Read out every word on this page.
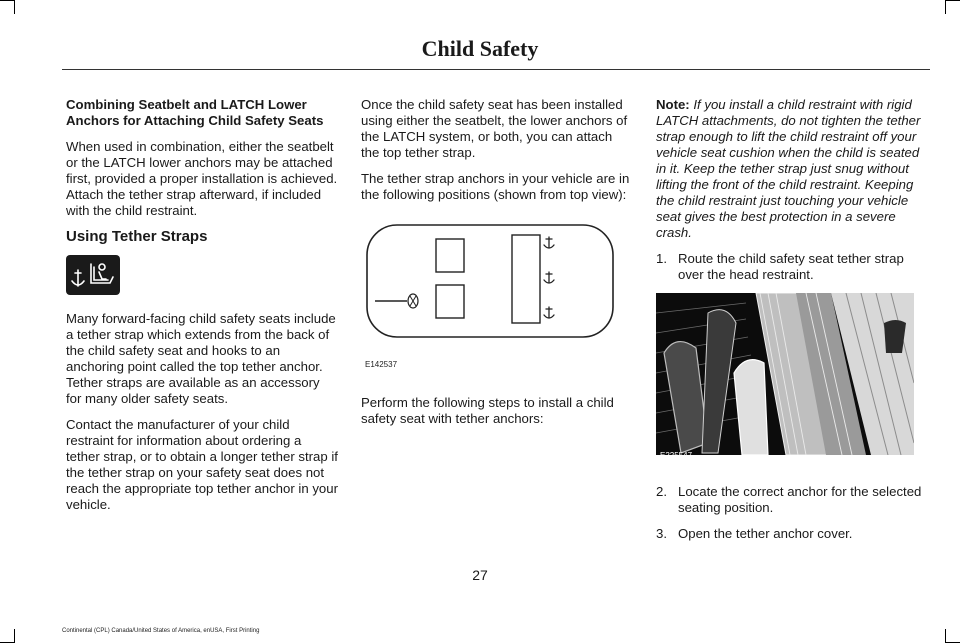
Child Safety

Combining Seatbelt and LATCH Lower Anchors for Attaching Child Safety Seats

When used in combination, either the seatbelt or the LATCH lower anchors may be attached first, provided a proper installation is achieved. Attach the tether strap afterward, if included with the child restraint.

Using Tether Straps

Many forward-facing child safety seats include a tether strap which extends from the back of the child safety seat and hooks to an anchoring point called the top tether anchor. Tether straps are available as an accessory for many older safety seats.

Contact the manufacturer of your child restraint for information about ordering a tether strap, or to obtain a longer tether strap if the tether strap on your safety seat does not reach the appropriate top tether anchor in your vehicle.

Once the child safety seat has been installed using either the seatbelt, the lower anchors of the LATCH system, or both, you can attach the top tether strap.

The tether strap anchors in your vehicle are in the following positions (shown from top view):

E142537

Perform the following steps to install a child safety seat with tether anchors:

Note: If you install a child restraint with rigid LATCH attachments, do not tighten the tether strap enough to lift the child restraint off your vehicle seat cushion when the child is seated in it. Keep the tether strap just snug without lifting the front of the child restraint. Keeping the child restraint just touching your vehicle seat gives the best protection in a severe crash.

1. Route the child safety seat tether strap over the head restraint.
E225547
2. Locate the correct anchor for the selected seating position.
3. Open the tether anchor cover.
27
Continental (CPL) Canada/United States of America, enUSA, First Printing
